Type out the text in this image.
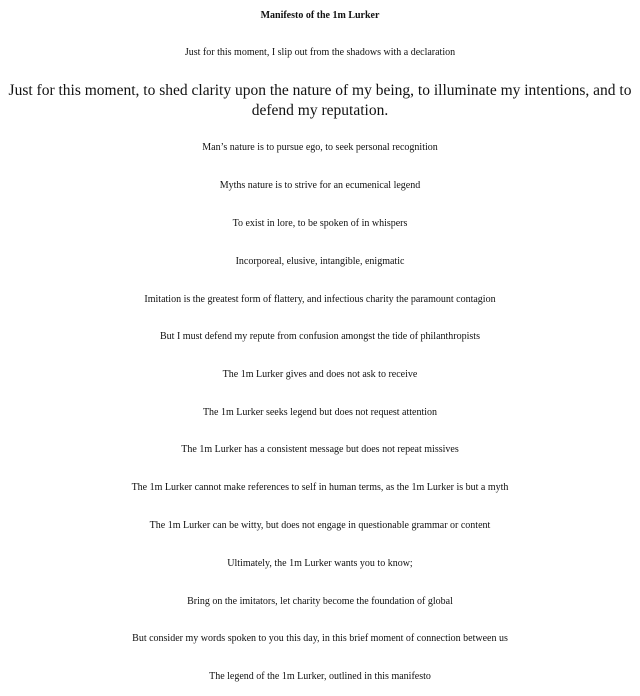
Manifesto of the 1m Lurker
Just for this moment, I slip out from the shadows with a declaration
Just for this moment, to shed clarity upon the nature of my being, to illuminate my intentions, and to defend my reputation.
Man’s nature is to pursue ego, to seek personal recognition
Myths nature is to strive for an ecumenical legend
To exist in lore, to be spoken of in whispers
Incorporeal, elusive, intangible, enigmatic
Imitation is the greatest form of flattery, and infectious charity the paramount contagion
But I must defend my repute from confusion amongst the tide of philanthropists
The 1m Lurker gives and does not ask to receive
The 1m Lurker seeks legend but does not request attention
The 1m Lurker has a consistent message but does not repeat missives
The 1m Lurker cannot make references to self in human terms, as the 1m Lurker is but a myth
The 1m Lurker can be witty, but does not engage in questionable grammar or content
Ultimately, the 1m Lurker wants you to know;
Bring on the imitators, let charity become the foundation of global
But consider my words spoken to you this day, in this brief moment of connection between us
The legend of the 1m Lurker, outlined in this manifesto
